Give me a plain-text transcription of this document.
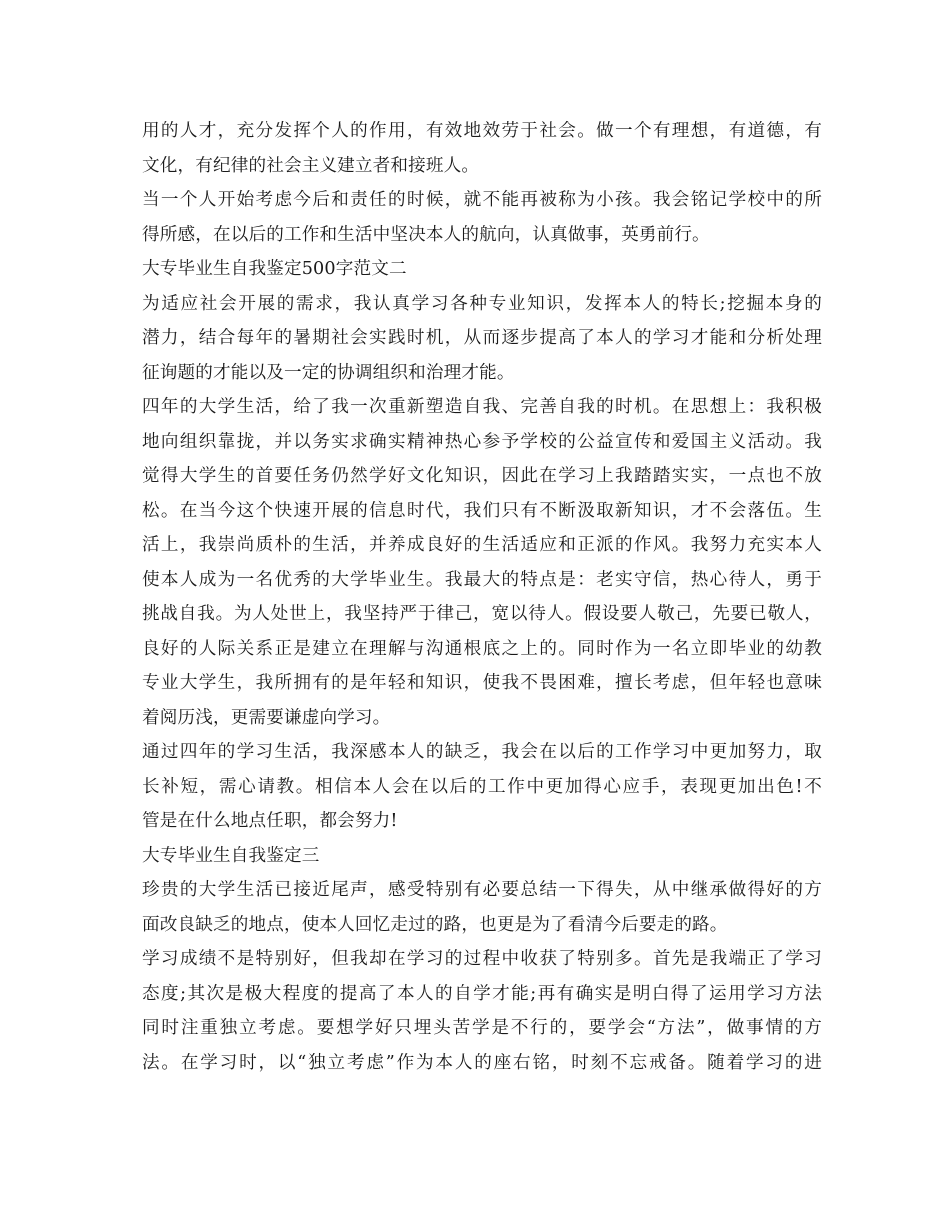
用的人才，充分发挥个人的作用，有效地效劳于社会。做一个有理想，有道德，有
文化，有纪律的社会主义建立者和接班人。
当一个人开始考虑今后和责任的时候，就不能再被称为小孩。我会铭记学校中的所
得所感，在以后的工作和生活中坚决本人的航向，认真做事，英勇前行。
大专毕业生自我鉴定500字范文二
为适应社会开展的需求，我认真学习各种专业知识，发挥本人的特长;挖掘本身的
潜力，结合每年的暑期社会实践时机，从而逐步提高了本人的学习才能和分析处理
征询题的才能以及一定的协调组织和治理才能。
四年的大学生活，给了我一次重新塑造自我、完善自我的时机。在思想上：我积极
地向组织靠拢，并以务实求确实精神热心参予学校的公益宣传和爱国主义活动。我
觉得大学生的首要任务仍然学好文化知识，因此在学习上我踏踏实实，一点也不放
松。在当今这个快速开展的信息时代，我们只有不断汲取新知识，才不会落伍。生
活上，我崇尚质朴的生活，并养成良好的生活适应和正派的作风。我努力充实本人
使本人成为一名优秀的大学毕业生。我最大的特点是：老实守信，热心待人，勇于
挑战自我。为人处世上，我坚持严于律己，宽以待人。假设要人敬己，先要已敬人，
良好的人际关系正是建立在理解与沟通根底之上的。同时作为一名立即毕业的幼教
专业大学生，我所拥有的是年轻和知识，使我不畏困难，擅长考虑，但年轻也意味
着阅历浅，更需要谦虚向学习。
通过四年的学习生活，我深感本人的缺乏，我会在以后的工作学习中更加努力，取
长补短，需心请教。相信本人会在以后的工作中更加得心应手，表现更加出色!不
管是在什么地点任职，都会努力!
大专毕业生自我鉴定三
珍贵的大学生活已接近尾声，感受特别有必要总结一下得失，从中继承做得好的方
面改良缺乏的地点，使本人回忆走过的路，也更是为了看清今后要走的路。
学习成绩不是特别好，但我却在学习的过程中收获了特别多。首先是我端正了学习
态度;其次是极大程度的提高了本人的自学才能;再有确实是明白得了运用学习方法
同时注重独立考虑。要想学好只埋头苦学是不行的，要学会“方法”，做事情的方
法。在学习时，以“独立考虑”作为本人的座右铭，时刻不忘戒备。随着学习的进
